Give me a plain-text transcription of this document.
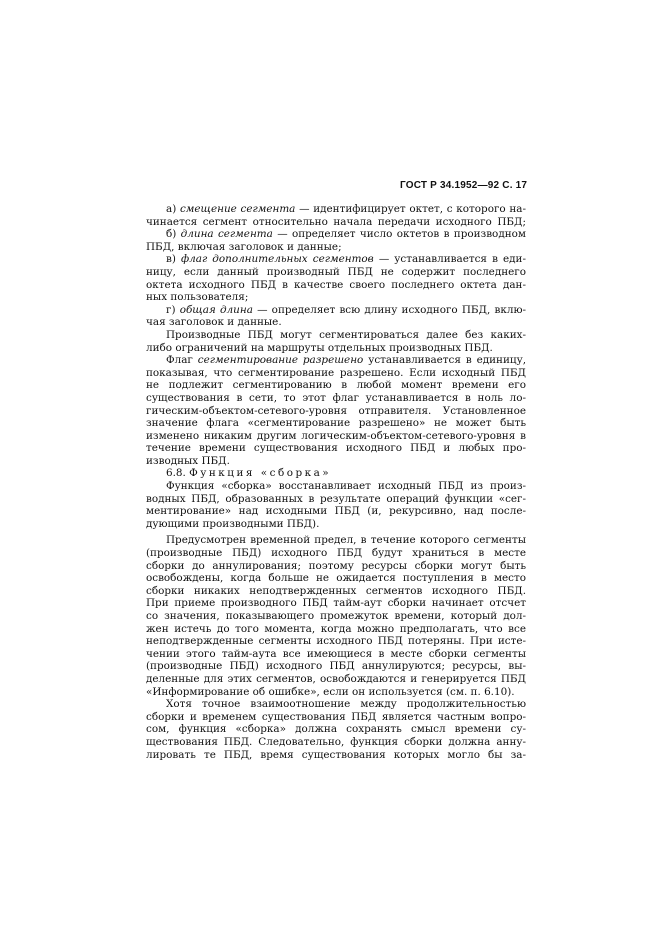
ГОСТ Р 34.1952—92 С. 17
а) смещение сегмента — идентифицирует октет, с которого на-
чинается сегмент относительно начала передачи исходного ПБД;
б) длина сегмента — определяет число октетов в производном
ПБД, включая заголовок и данные;
в) флаг дополнительных сегментов — устанавливается в еди-
ницу, если данный производный ПБД не содержит последнего
октета исходного ПБД в качестве своего последнего октета дан-
ных пользователя;
г) общая длина — определяет всю длину исходного ПБД, вклю-
чая заголовок и данные.
Производные ПБД могут сегментироваться далее без каких-
либо ограничений на маршруты отдельных производных ПБД.
Флаг сегментирование разрешено устанавливается в единицу,
показывая, что сегментирование разрешено. Если исходный ПБД
не подлежит сегментированию в любой момент времени его
существования в сети, то этот флаг устанавливается в ноль ло-
гическим-объектом-сетевого-уровня отправителя. Установленное
значение флага «сегментирование разрешено» не может быть
изменено никаким другим логическим-объектом-сетевого-уровня в
течение времени существования исходного ПБД и любых про-
изводных ПБД.
6.8. Функция «сборка»
Функция «сборка» восстанавливает исходный ПБД из произ-
водных ПБД, образованных в результате операций функции «сег-
ментирование» над исходными ПБД (и, рекурсивно, над после-
дующими производными ПБД).
Предусмотрен временной предел, в течение которого сегменты
(производные ПБД) исходного ПБД будут храниться в месте
сборки до аннулирования; поэтому ресурсы сборки могут быть
освобождены, когда больше не ожидается поступления в место
сборки никаких неподтвержденных сегментов исходного ПБД.
При приеме производного ПБД тайм-аут сборки начинает отсчет
со значения, показывающего промежуток времени, который дол-
жен истечь до того момента, когда можно предполагать, что все
неподтвержденные сегменты исходного ПБД потеряны. При исте-
чении этого тайм-аута все имеющиеся в месте сборки сегменты
(производные ПБД) исходного ПБД аннулируются; ресурсы, вы-
деленные для этих сегментов, освобождаются и генерируется ПБД
«Информирование об ошибке», если он используется (см. п. 6.10).
Хотя точное взаимоотношение между продолжительностью
сборки и временем существования ПБД является частным вопро-
сом, функция «сборка» должна сохранять смысл времени су-
ществования ПБД. Следовательно, функция сборки должна анну-
лировать те ПБД, время существования которых могло бы за-
